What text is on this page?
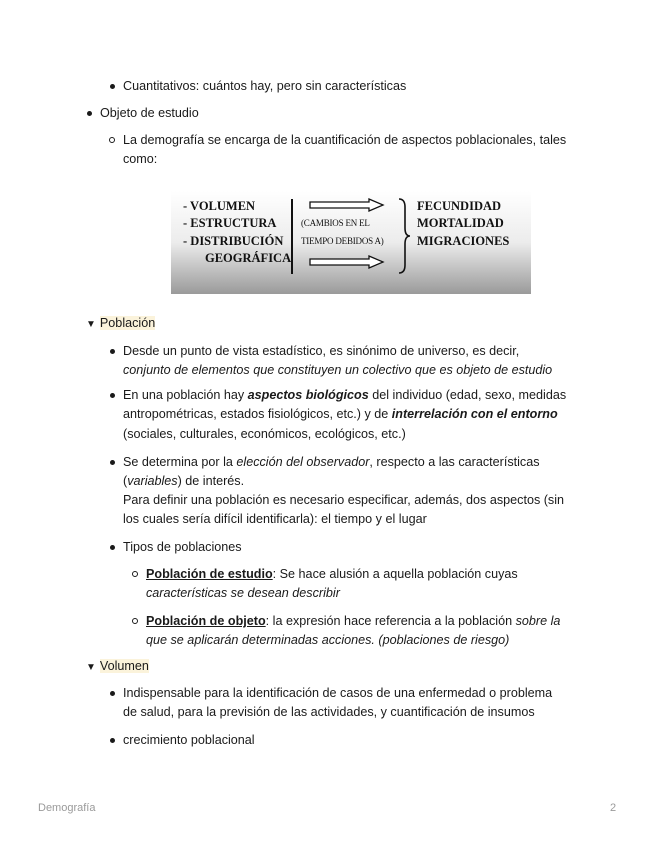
Cuantitativos: cuántos hay, pero sin características
Objeto de estudio
La demografía se encarga de la cuantificación de aspectos poblacionales, tales
como:
- VOLUMEN
- ESTRUCTURA
- DISTRIBUCIÓN
GEOGRÁFICA
(CAMBIOS EN EL
TIEMPO DEBIDOS A)
FECUNDIDAD
MORTALIDAD
MIGRACIONES
▼ Población
Desde un punto de vista estadístico, es sinónimo de universo, es decir,
conjunto de elementos que constituyen un colectivo que es objeto de estudio
En una población hay aspectos biológicos del individuo (edad, sexo, medidas
antropométricas, estados fisiológicos, etc.) y de interrelación con el entorno
(sociales, culturales, económicos, ecológicos, etc.)
Se determina por la elección del observador, respecto a las características
(variables) de interés.
Para definir una población es necesario especificar, además, dos aspectos (sin
los cuales sería difícil identificarla): el tiempo y el lugar
Tipos de poblaciones
Población de estudio: Se hace alusión a aquella población cuyas
características se desean describir
Población de objeto: la expresión hace referencia a la población sobre la
que se aplicarán determinadas acciones. (poblaciones de riesgo)
▼ Volumen
Indispensable para la identificación de casos de una enfermedad o problema
de salud, para la previsión de las actividades, y cuantificación de insumos
crecimiento poblacional
Demografía	2
